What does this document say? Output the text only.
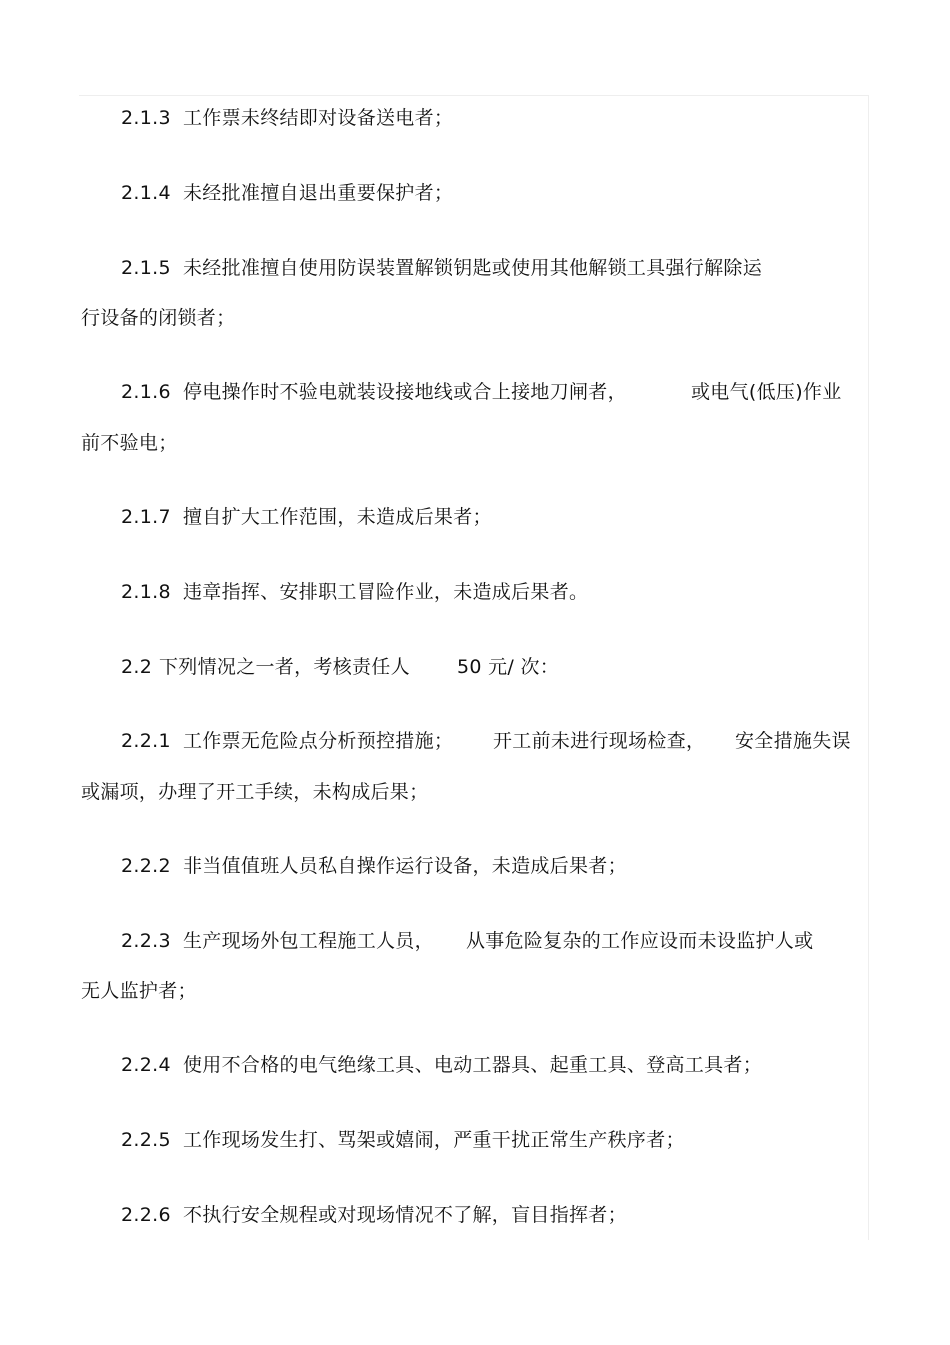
2.1.3 工作票未终结即对设备送电者；
2.1.4 未经批准擅自退出重要保护者；
2.1.5 未经批准擅自使用防误装置解锁钥匙或使用其他解锁工具强行解除运
行设备的闭锁者；
2.1.6 停电操作时不验电就装设接地线或合上接地刀闸者，	或电气(低压)作业
前不验电；
2.1.7 擅自扩大工作范围，未造成后果者；
2.1.8 违章指挥、安排职工冒险作业，未造成后果者。
2.2 下列情况之一者，考核责任人 50 元/ 次：
2.2.1 工作票无危险点分析预控措施； 开工前未进行现场检查， 安全措施失误
或漏项，办理了开工手续，未构成后果；
2.2.2 非当值值班人员私自操作运行设备，未造成后果者；
2.2.3 生产现场外包工程施工人员， 从事危险复杂的工作应设而未设监护人或
无人监护者；
2.2.4 使用不合格的电气绝缘工具、电动工器具、起重工具、登高工具者；
2.2.5 工作现场发生打、骂架或嬉闹，严重干扰正常生产秩序者；
2.2.6 不执行安全规程或对现场情况不了解，盲目指挥者；
